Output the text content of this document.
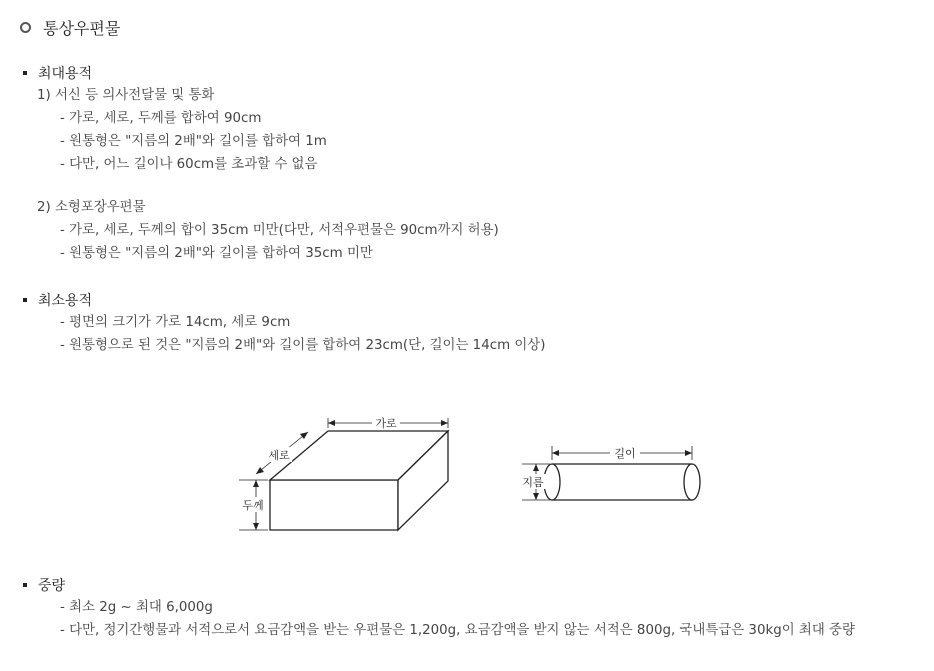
통상우편물
최대용적
1) 서신 등 의사전달물 및 통화
- 가로, 세로, 두께를 합하여 90cm
- 원통형은 "지름의 2배"와 길이를 합하여 1m
- 다만, 어느 길이나 60cm를 초과할 수 없음
2) 소형포장우편물
- 가로, 세로, 두께의 합이 35cm 미만(다만, 서적우편물은 90cm까지 허용)
- 원통형은 "지름의 2배"와 길이를 합하여 35cm 미만
최소용적
- 평면의 크기가 가로 14cm, 세로 9cm
- 원통형으로 된 것은 "지름의 2배"와 길이를 합하여 23cm(단, 길이는 14cm 이상)
가로
세로
두께
길이
지름
중량
- 최소 2g ~ 최대 6,000g
- 다만, 정기간행물과 서적으로서 요금감액을 받는 우편물은 1,200g, 요금감액을 받지 않는 서적은 800g, 국내특급은 30kg이 최대 중량
